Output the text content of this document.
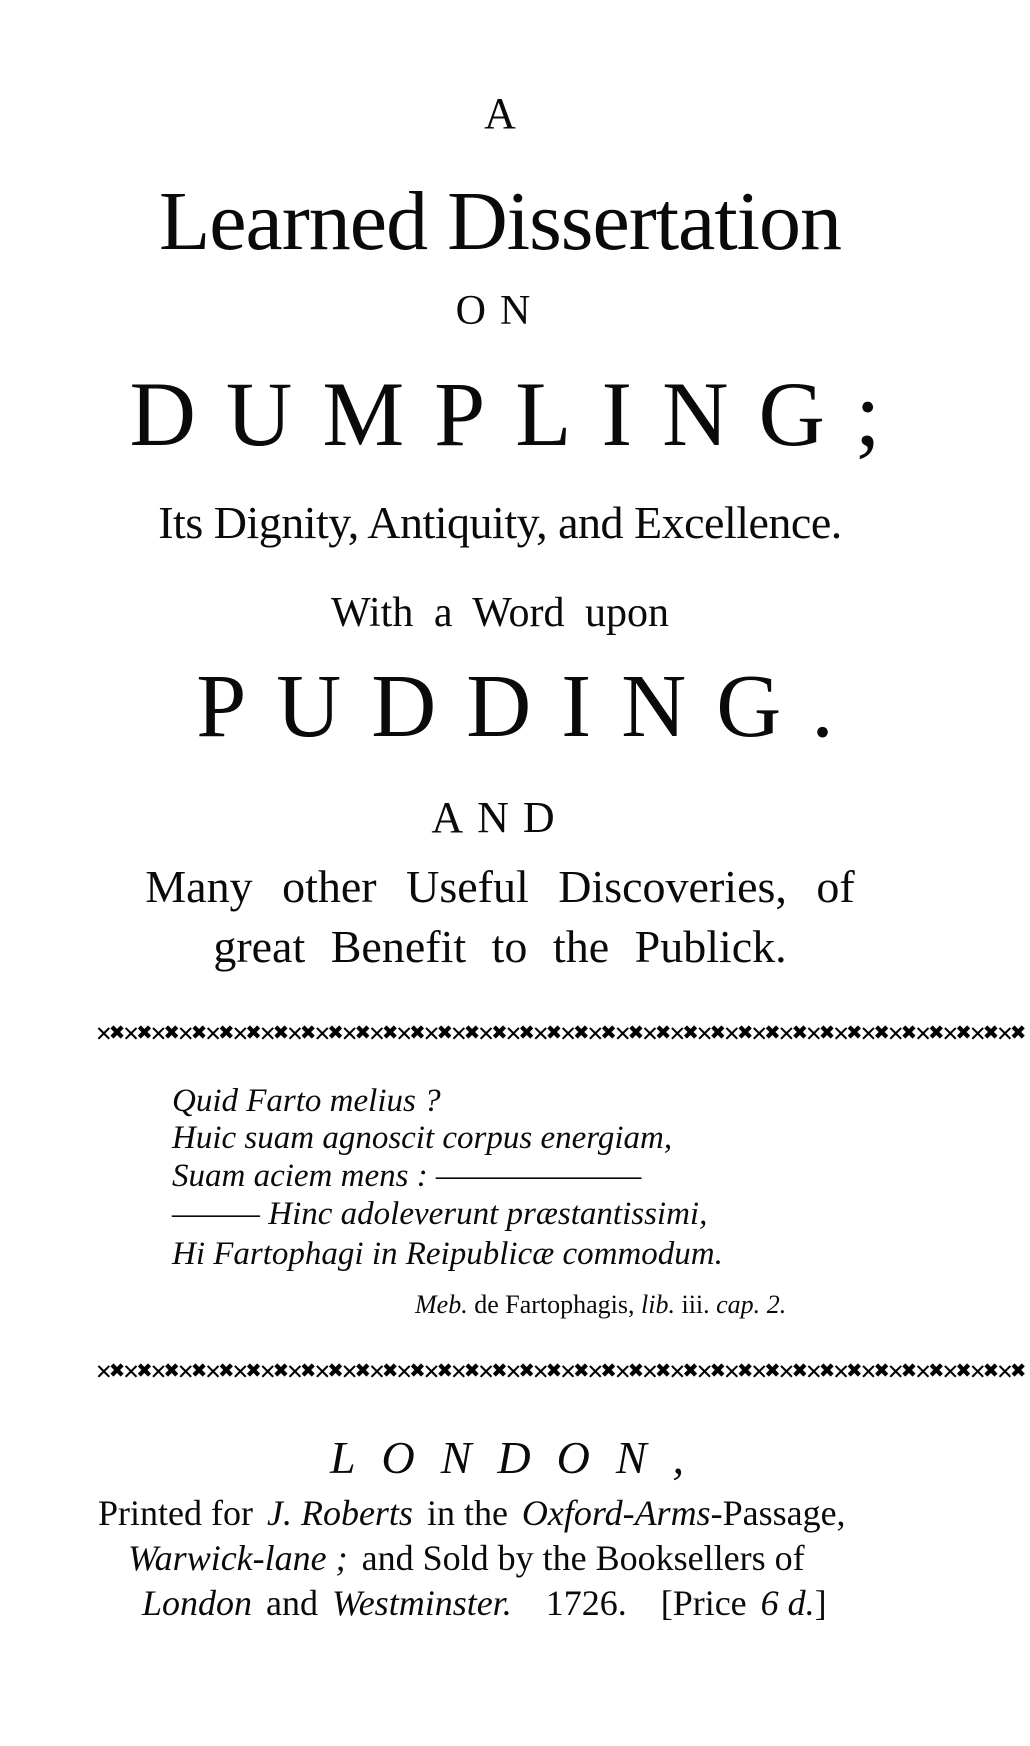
A
Learned Dissertation
ON
DUMPLING;
Its Dignity, Antiquity, and Excellence.
With a Word upon
PUDDING.
AND
Many other Useful Discoveries, of
great Benefit to the Publick.
✕✖✕✖✕✖✕✖✕✖✕✖✕✖✕✖✕✖✕✖✕✖✕✖✕✖✕✖✕✖✕✖✕✖✕✖✕✖✕✖✕✖✕✖✕✖✕✖✕✖✕✖✕✖✕✖✕✖✕✖✕✖✕✖✕✖✕✖
Quid Farto melius ?
Huic suam agnoscit corpus energiam,
Suam aciem mens : ———————
——— Hinc adoleverunt præstantissimi,
Hi Fartophagi in Reipublicæ commodum.
Meb. de Fartophagis, lib. iii. cap. 2.
✕✖✕✖✕✖✕✖✕✖✕✖✕✖✕✖✕✖✕✖✕✖✕✖✕✖✕✖✕✖✕✖✕✖✕✖✕✖✕✖✕✖✕✖✕✖✕✖✕✖✕✖✕✖✕✖✕✖✕✖✕✖✕✖✕✖✕✖
LONDON,
Printed for J. Roberts in the Oxford-Arms-Passage,
Warwick-lane ; and Sold by the Booksellers of
London and Westminster. 1726. [Price 6 d.]
